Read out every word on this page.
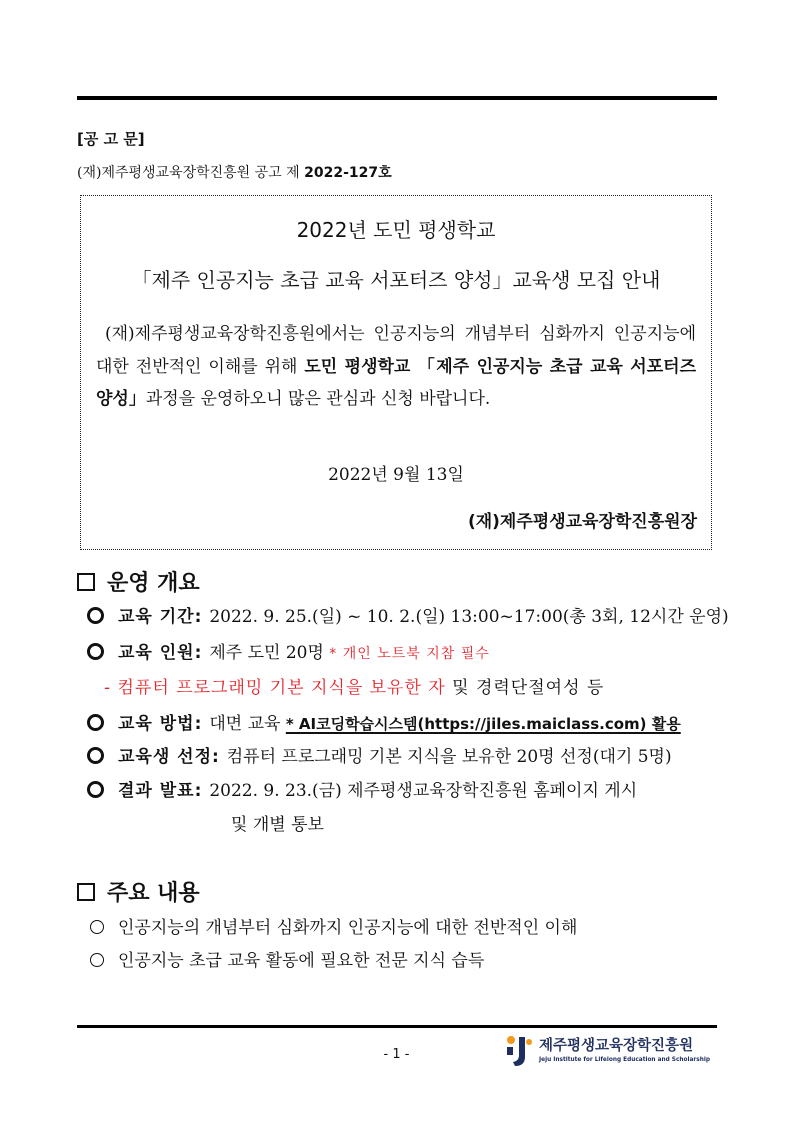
[공 고 문]
(재)제주평생교육장학진흥원 공고 제 2022-127호
2022년 도민 평생학교
「제주 인공지능 초급 교육 서포터즈 양성」교육생 모집 안내
(재)제주평생교육장학진흥원에서는 인공지능의 개념부터 심화까지 인공지능에 대한 전반적인 이해를 위해 도민 평생학교 「제주 인공지능 초급 교육 서포터즈 양성」과정을 운영하오니 많은 관심과 신청 바랍니다.
2022년 9월 13일
(재)제주평생교육장학진흥원장
운영 개요
교육 기간: 2022. 9. 25.(일) ~ 10. 2.(일) 13:00~17:00(총 3회, 12시간 운영)
교육 인원: 제주 도민 20명 * 개인 노트북 지참 필수
- 컴퓨터 프로그래밍 기본 지식을 보유한 자 및 경력단절여성 등
교육 방법: 대면 교육 * AI코딩학습시스템(https://jiles.maiclass.com) 활용
교육생 선정: 컴퓨터 프로그래밍 기본 지식을 보유한 20명 선정(대기 5명)
결과 발표: 2022. 9. 23.(금) 제주평생교육장학진흥원 홈페이지 게시
및 개별 통보
주요 내용
인공지능의 개념부터 심화까지 인공지능에 대한 전반적인 이해
인공지능 초급 교육 활동에 필요한 전문 지식 습득
- 1 -
제주평생교육장학진흥원
Jeju Institute for Lifelong Education and Scholarship
